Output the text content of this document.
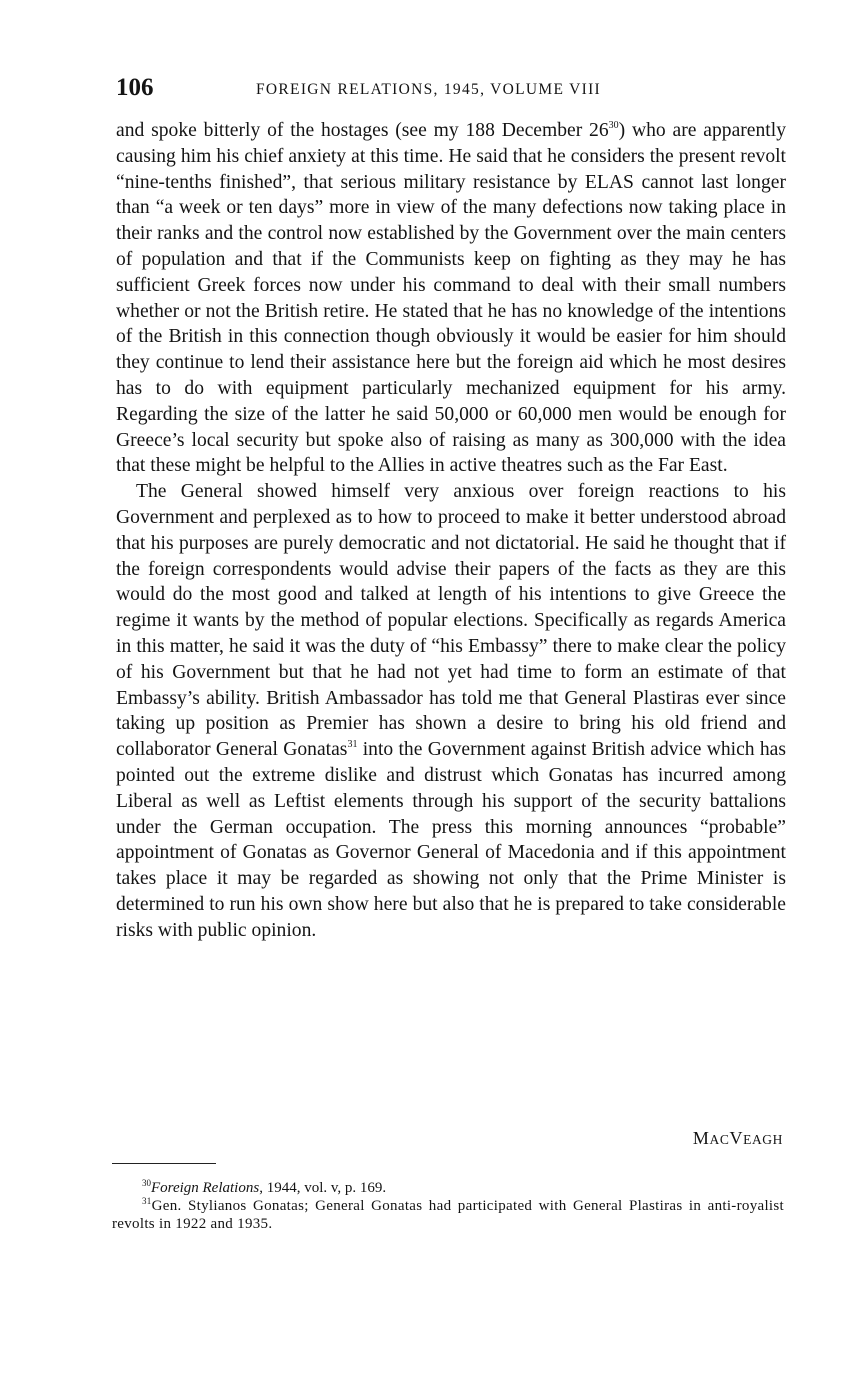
106	FOREIGN RELATIONS, 1945, VOLUME VIII

and spoke bitterly of the hostages (see my 188 December $26^{30}$) who are apparently causing him his chief anxiety at this time. He said that he considers the present revolt “nine-tenths finished”, that serious military resistance by ELAS cannot last longer than “a week or ten days” more in view of the many defections now taking place in their ranks and the control now established by the Government over the main centers of population and that if the Communists keep on fighting as they may he has sufficient Greek forces now under his command to deal with their small numbers whether or not the British retire. He stated that he has no knowledge of the intentions of the British in this connection though obviously it would be easier for him should they continue to lend their assistance here but the foreign aid which he most desires has to do with equipment particularly mechanized equipment for his army. Regarding the size of the latter he said 50,000 or 60,000 men would be enough for Greece’s local security but spoke also of raising as many as 300,000 with the idea that these might be helpful to the Allies in active theatres such as the Far East.

The General showed himself very anxious over foreign reactions to his Government and perplexed as to how to proceed to make it better understood abroad that his purposes are purely democratic and not dictatorial. He said he thought that if the foreign correspondents would advise their papers of the facts as they are this would do the most good and talked at length of his intentions to give Greece the regime it wants by the method of popular elections. Specifically as regards America in this matter, he said it was the duty of “his Embassy” there to make clear the policy of his Government but that he had not yet had time to form an estimate of that Embassy’s ability. British Ambassador has told me that General Plastiras ever since taking up position as Premier has shown a desire to bring his old friend and collaborator General Gonatas$^{31}$ into the Government against British advice which has pointed out the extreme dislike and distrust which Gonatas has incurred among Liberal as well as Leftist elements through his support of the security battalions under the German occupation. The press this morning announces “probable” appointment of Gonatas as Governor General of Macedonia and if this appointment takes place it may be regarded as showing not only that the Prime Minister is determined to run his own show here but also that he is prepared to take considerable risks with public opinion.

MACVEAGH

$^{30}$Foreign Relations, 1944, vol. v, p. 169.

$^{31}$Gen. Stylianos Gonatas; General Gonatas had participated with General Plastiras in anti-royalist revolts in 1922 and 1935.
